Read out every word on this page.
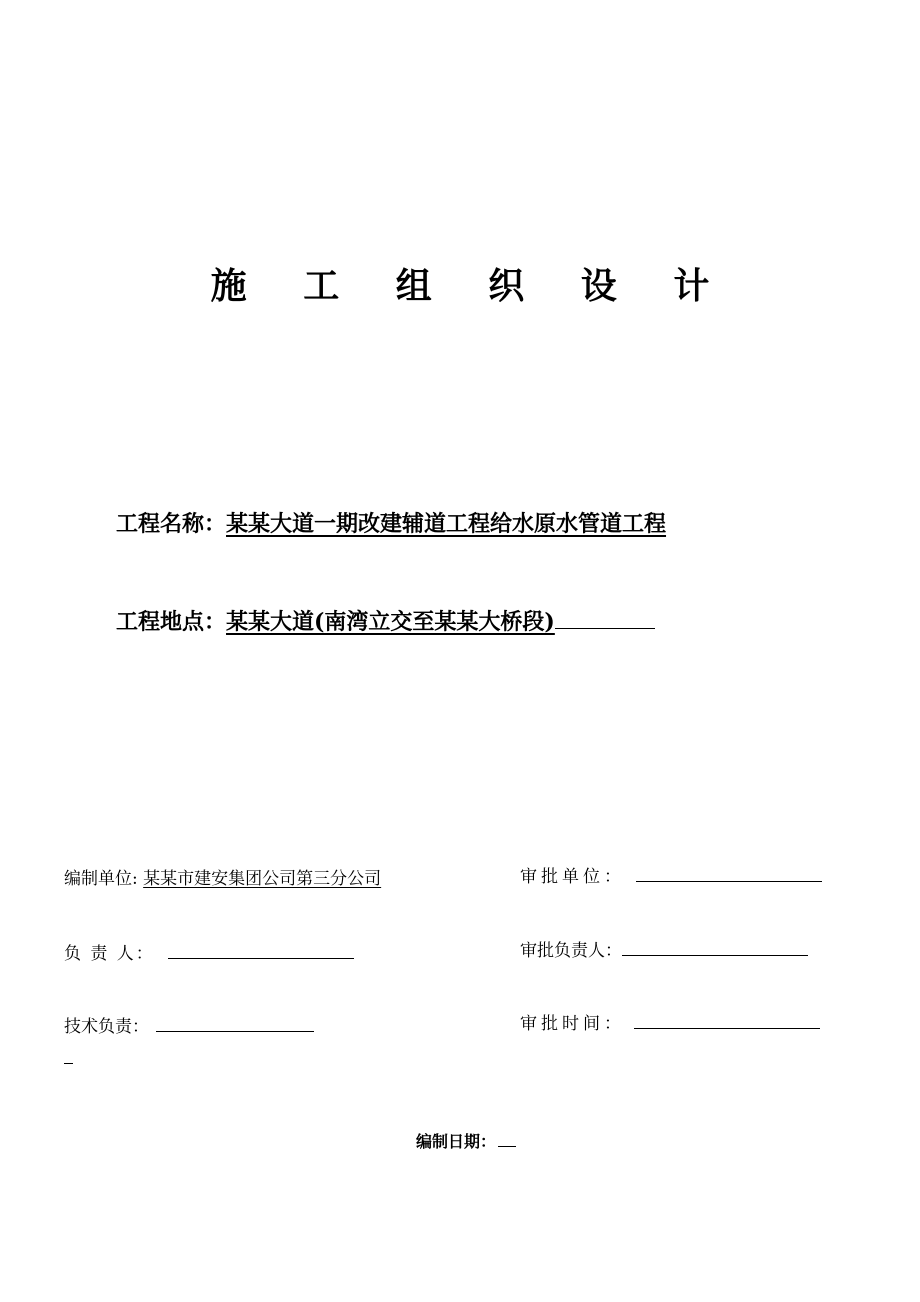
施 工 组 织 设 计
工程名称：某某大道一期改建辅道工程给水原水管道工程
工程地点：某某大道(南湾立交至某某大桥段)
编制单位: 某某市建安集团公司第三分公司	审批单位：
负 责 人：	审批负责人：
技术负责：	审批时间：
编制日期：
